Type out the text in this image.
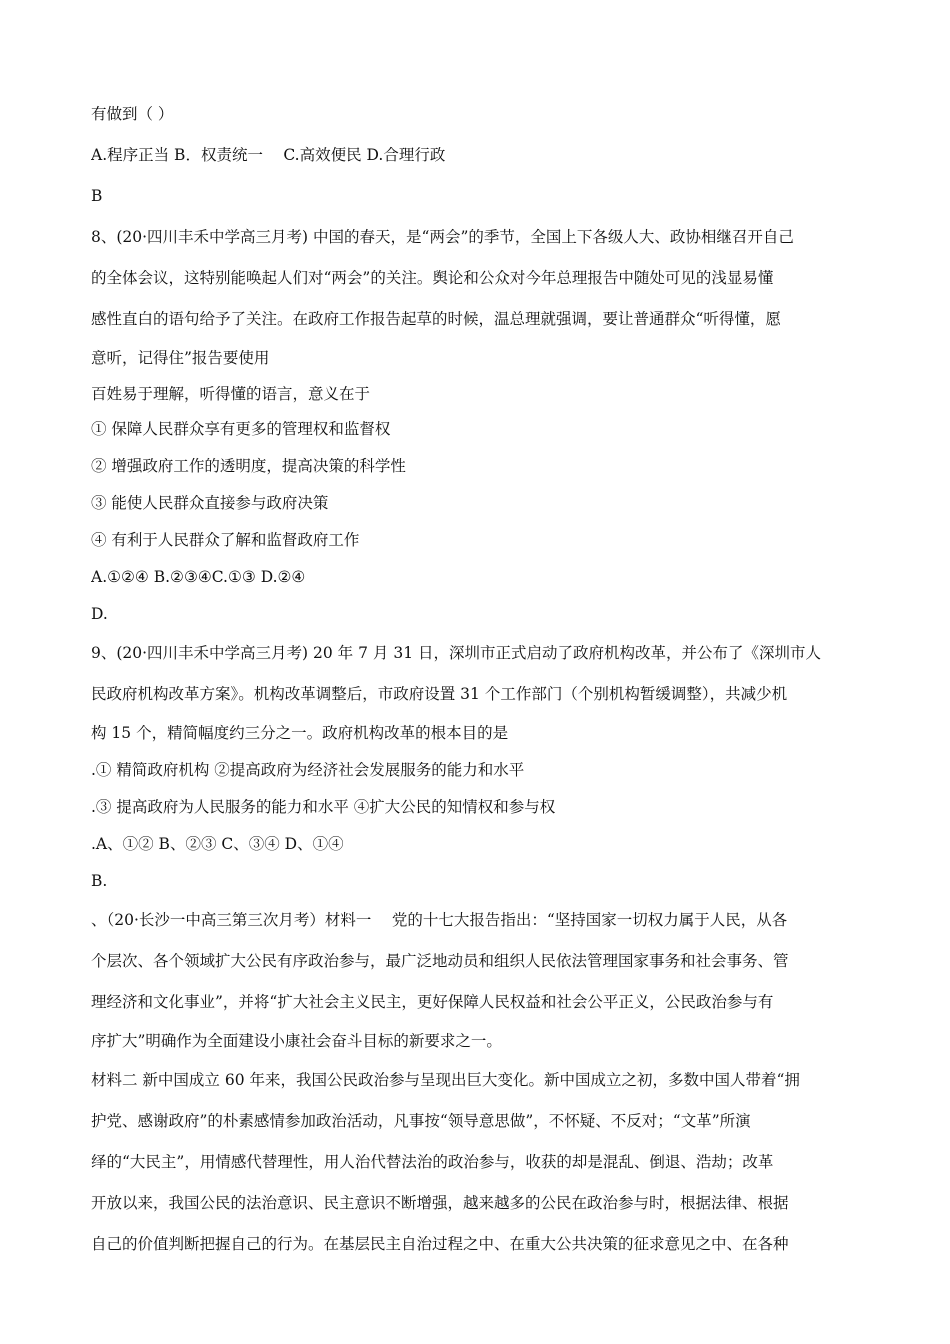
有做到（ ）
A.程序正当 B．权责统一　 C.高效便民 D.合理行政
B
8、(20·四川丰禾中学高三月考) 中国的春天，是“两会”的季节，全国上下各级人大、政协相继召开自己
的全体会议，这特别能唤起人们对“两会”的关注。舆论和公众对今年总理报告中随处可见的浅显易懂
感性直白的语句给予了关注。在政府工作报告起草的时候，温总理就强调，要让普通群众“听得懂，愿
意听，记得住”报告要使用
百姓易于理解，听得懂的语言，意义在于
① 保障人民群众享有更多的管理权和监督权
② 增强政府工作的透明度，提高决策的科学性
③ 能使人民群众直接参与政府决策
④ 有利于人民群众了解和监督政府工作
A.①②④ B.②③④C.①③ D.②④
D.
9、(20·四川丰禾中学高三月考) 20 年 7 月 31 日，深圳市正式启动了政府机构改革，并公布了《深圳市人
民政府机构改革方案》。机构改革调整后，市政府设置 31 个工作部门（个别机构暂缓调整），共减少机
构 15 个，精简幅度约三分之一。政府机构改革的根本目的是
.① 精简政府机构 ②提高政府为经济社会发展服务的能力和水平
.③ 提高政府为人民服务的能力和水平 ④扩大公民的知情权和参与权
.A、①② B、②③ C、③④ D、①④
B.
、（20·长沙一中高三第三次月考）材料一　 党的十七大报告指出：“坚持国家一切权力属于人民，从各
个层次、各个领域扩大公民有序政治参与，最广泛地动员和组织人民依法管理国家事务和社会事务、管
理经济和文化事业”，并将“扩大社会主义民主，更好保障人民权益和社会公平正义，公民政治参与有
序扩大”明确作为全面建设小康社会奋斗目标的新要求之一。
材料二 新中国成立 60 年来，我国公民政治参与呈现出巨大变化。新中国成立之初，多数中国人带着“拥
护党、感谢政府”的朴素感情参加政治活动，凡事按“领导意思做”，不怀疑、不反对；“文革”所演
绎的“大民主”，用情感代替理性，用人治代替法治的政治参与，收获的却是混乱、倒退、浩劫；改革
开放以来，我国公民的法治意识、民主意识不断增强，越来越多的公民在政治参与时，根据法律、根据
自己的价值判断把握自己的行为。在基层民主自治过程之中、在重大公共决策的征求意见之中、在各种
